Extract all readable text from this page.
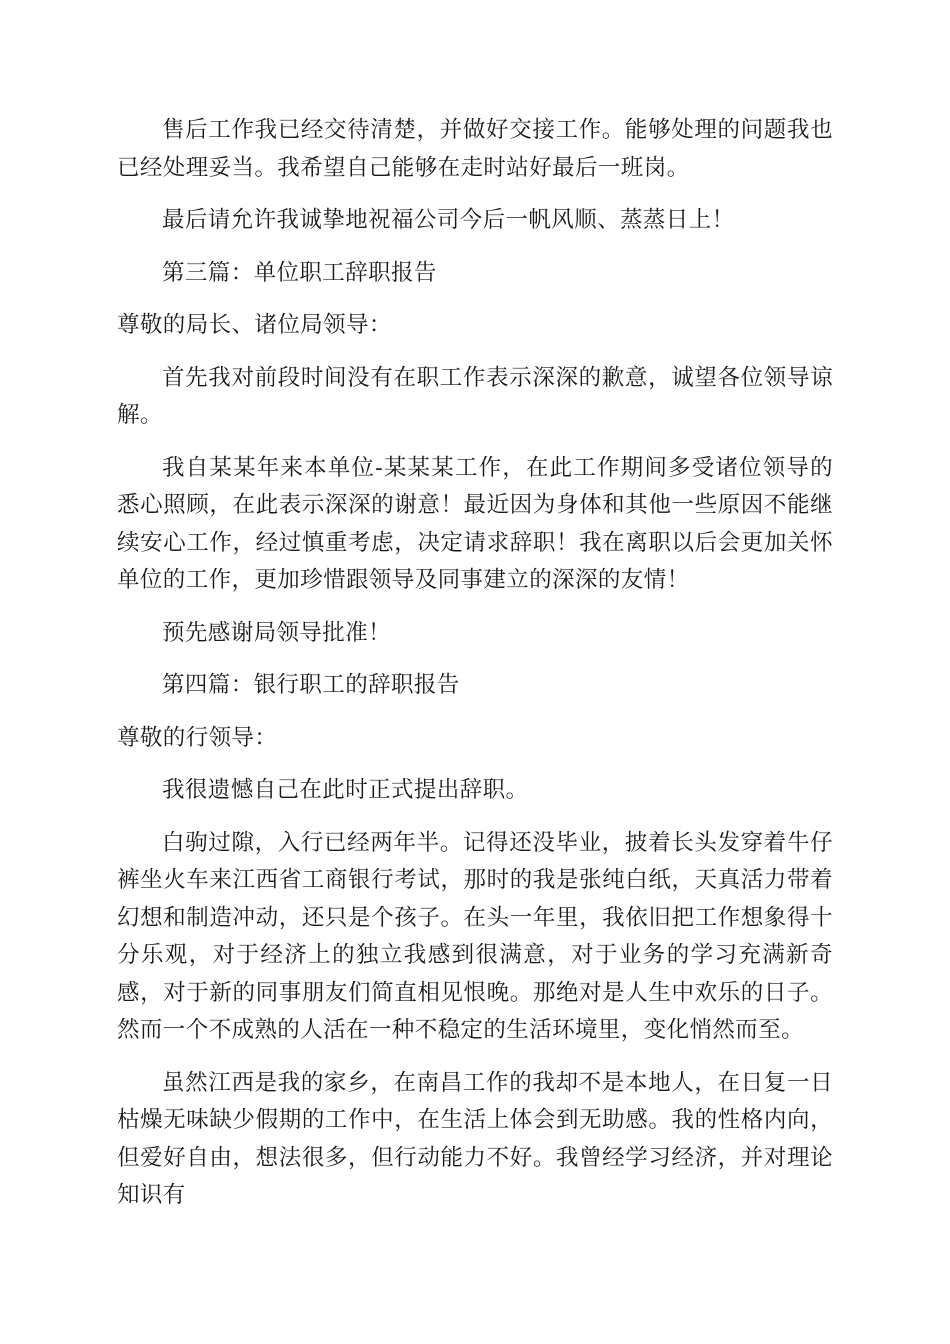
售后工作我已经交待清楚，并做好交接工作。能够处理的问题我也已经处理妥当。我希望自己能够在走时站好最后一班岗。

最后请允许我诚挚地祝福公司今后一帆风顺、蒸蒸日上！

第三篇：单位职工辞职报告

尊敬的局长、诸位局领导：

首先我对前段时间没有在职工作表示深深的歉意，诚望各位领导谅解。

我自某某年来本单位-某某某工作，在此工作期间多受诸位领导的悉心照顾，在此表示深深的谢意！最近因为身体和其他一些原因不能继续安心工作，经过慎重考虑，决定请求辞职！我在离职以后会更加关怀单位的工作，更加珍惜跟领导及同事建立的深深的友情！

预先感谢局领导批准！

第四篇：银行职工的辞职报告

尊敬的行领导：

我很遗憾自己在此时正式提出辞职。

白驹过隙，入行已经两年半。记得还没毕业，披着长头发穿着牛仔裤坐火车来江西省工商银行考试，那时的我是张纯白纸，天真活力带着幻想和制造冲动，还只是个孩子。在头一年里，我依旧把工作想象得十分乐观，对于经济上的独立我感到很满意，对于业务的学习充满新奇感，对于新的同事朋友们简直相见恨晚。那绝对是人生中欢乐的日子。然而一个不成熟的人活在一种不稳定的生活环境里，变化悄然而至。

虽然江西是我的家乡，在南昌工作的我却不是本地人，在日复一日枯燥无味缺少假期的工作中，在生活上体会到无助感。我的性格内向，但爱好自由，想法很多，但行动能力不好。我曾经学习经济，并对理论知识有
